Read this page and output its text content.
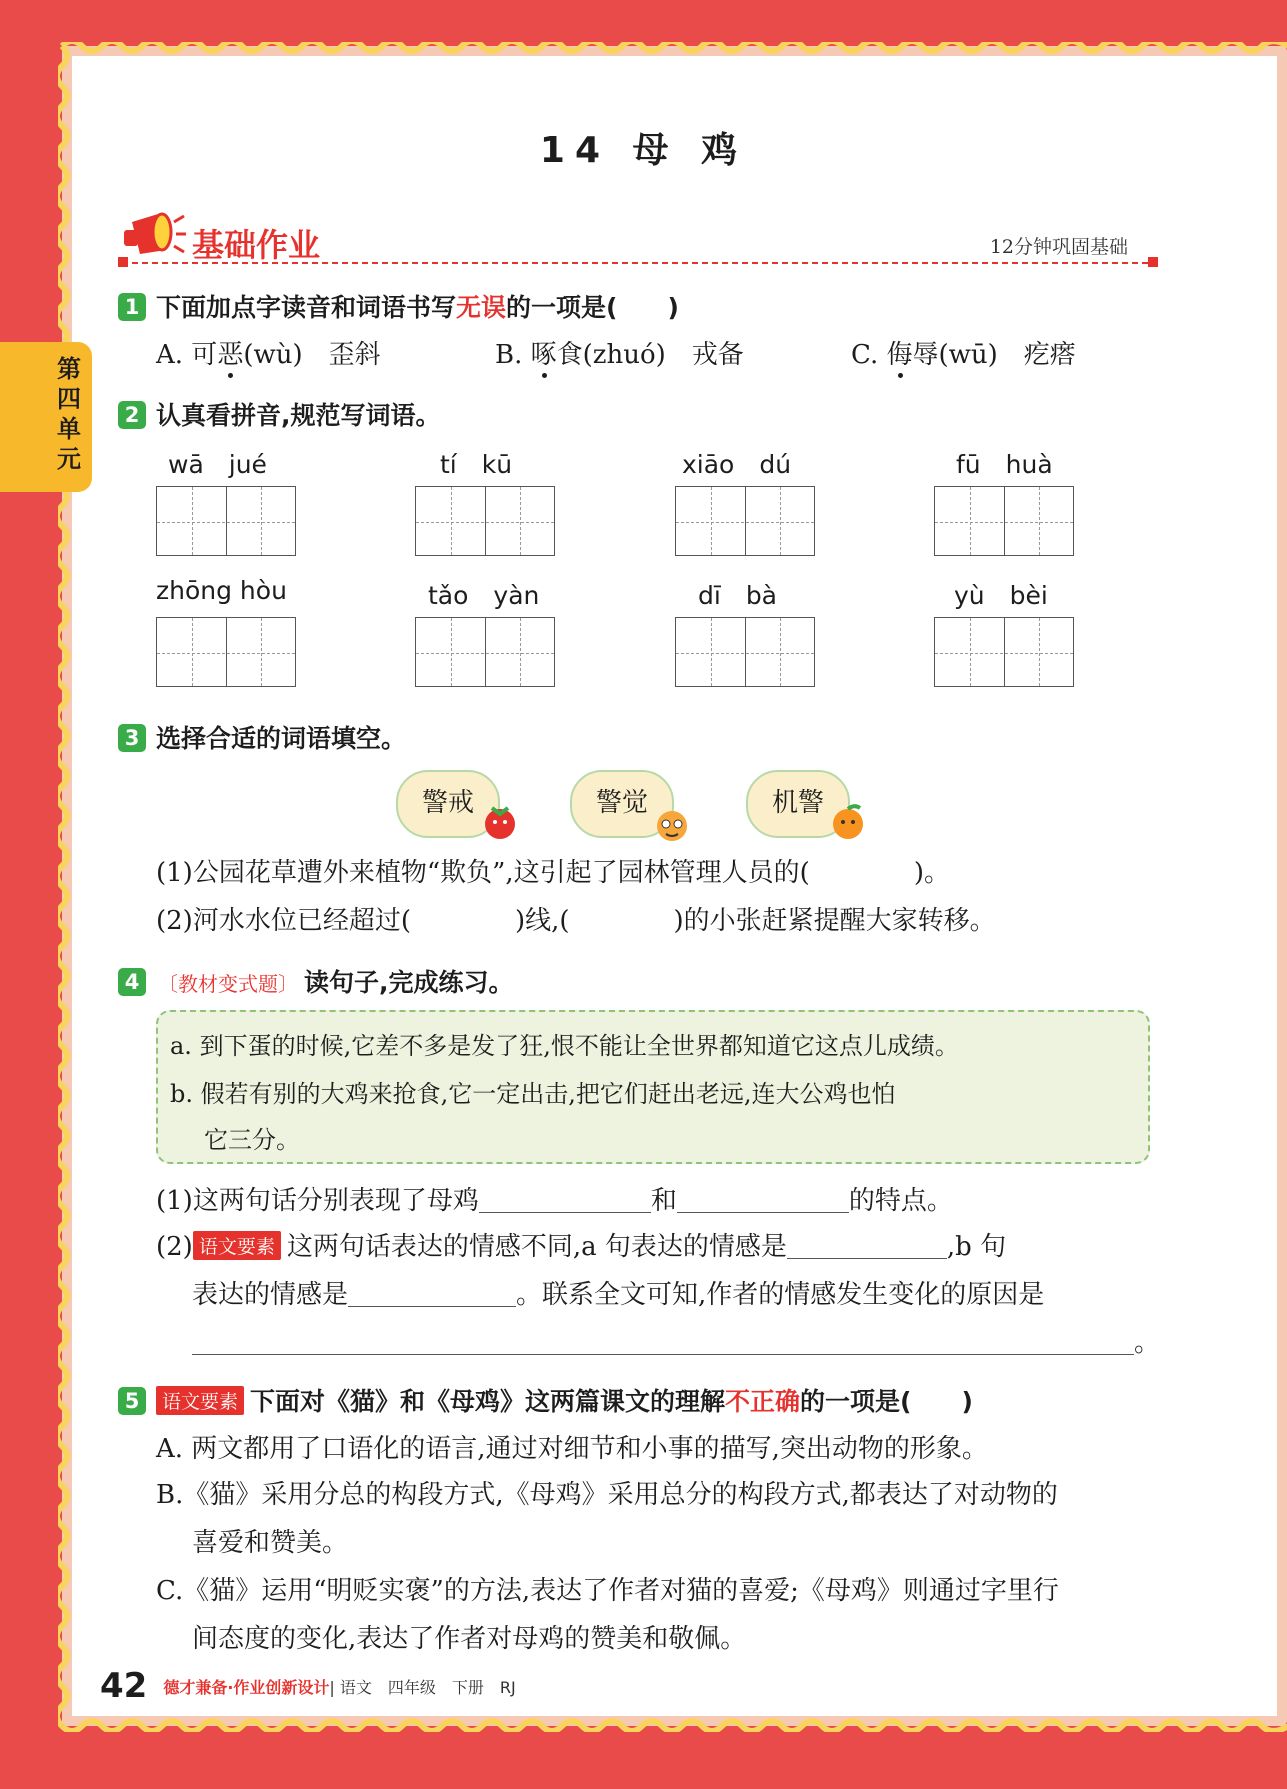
第四单元
14 母 鸡
基础作业	12分钟巩固基础
1 下面加点字读音和词语书写无误的一项是(　　)
A. 可恶(wù)　歪斜	B. 啄食(zhuó)　戎备	C. 侮辱(wū)　疙瘩
2 认真看拼音,规范写词语。
wā　jué	tí　kū	xiāo　dú	fū　huà
zhōng hòu	tǎo　yàn	dī　bà	yù　bèi
3 选择合适的词语填空。
警戒	警觉	机警
(1)公园花草遭外来植物“欺负”,这引起了园林管理人员的(　　　　)。
(2)河水水位已经超过(　　　　)线,(　　　　)的小张赶紧提醒大家转移。
4 〔教材变式题〕 读句子,完成练习。
a. 到下蛋的时候,它差不多是发了狂,恨不能让全世界都知道它这点儿成绩。
b. 假若有别的大鸡来抢食,它一定出击,把它们赶出老远,连大公鸡也怕
它三分。
(1)这两句话分别表现了母鸡	和	的特点。
(2) 语文要素 这两句话表达的情感不同,a 句表达的情感是	,b 句
表达的情感是	。联系全文可知,作者的情感发生变化的原因是
。
5 语文要素 下面对《猫》和《母鸡》这两篇课文的理解不正确的一项是(　　)
A. 两文都用了口语化的语言,通过对细节和小事的描写,突出动物的形象。
B.《猫》采用分总的构段方式,《母鸡》采用总分的构段方式,都表达了对动物的
喜爱和赞美。
C.《猫》运用“明贬实褒”的方法,表达了作者对猫的喜爱;《母鸡》则通过字里行
间态度的变化,表达了作者对母鸡的赞美和敬佩。
42 德才兼备·作业创新设计| 语文　四年级　下册　RJ
